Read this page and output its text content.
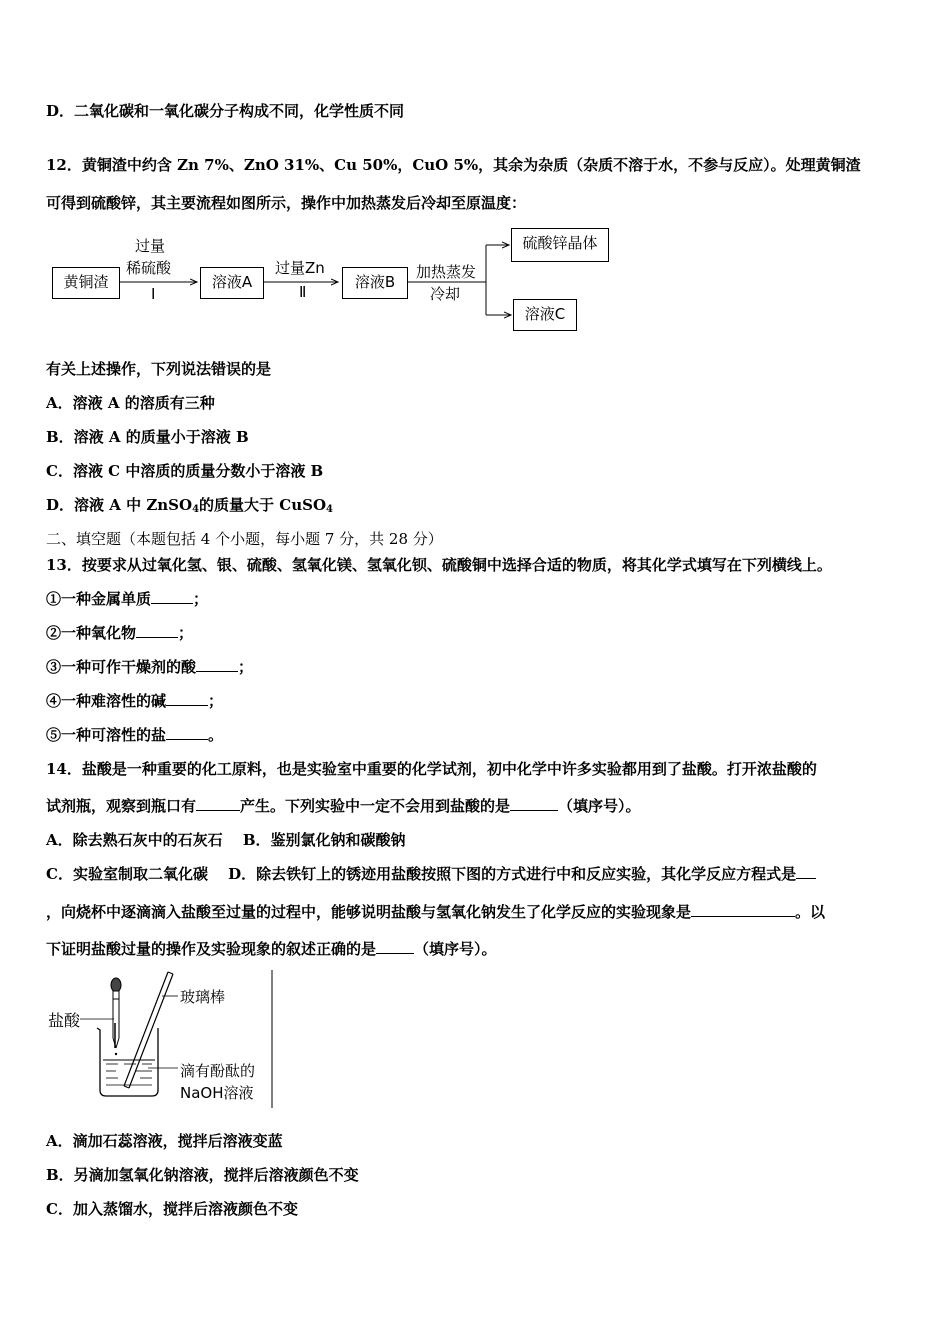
D．二氧化碳和一氧化碳分子构成不同，化学性质不同
12．黄铜渣中约含 Zn 7%、ZnO 31%、Cu 50%，CuO 5%，其余为杂质（杂质不溶于水，不参与反应）。处理黄铜渣
可得到硫酸锌，其主要流程如图所示，操作中加热蒸发后冷却至原温度：
黄铜渣
过量
稀硫酸
Ⅰ
溶液A
过量Zn
Ⅱ
溶液B
加热蒸发
冷却
硫酸锌晶体
溶液C
有关上述操作，下列说法错误的是
A．溶液 A 的溶质有三种
B．溶液 A 的质量小于溶液 B
C．溶液 C 中溶质的质量分数小于溶液 B
D．溶液 A 中 ZnSO$_4$的质量大于 CuSO$_4$
二、填空题（本题包括 4 个小题，每小题 7 分，共 28 分）
13．按要求从过氧化氢、银、硫酸、氢氧化镁、氢氧化钡、硫酸铜中选择合适的物质，将其化学式填写在下列横线上。
①一种金属单质	；
②一种氧化物	；
③一种可作干燥剂的酸	；
④一种难溶性的碱	；
⑤一种可溶性的盐	。
14．盐酸是一种重要的化工原料，也是实验室中重要的化学试剂，初中化学中许多实验都用到了盐酸。打开浓盐酸的
试剂瓶，观察到瓶口有	产生。下列实验中一定不会用到盐酸的是	（填序号）。
A．除去熟石灰中的石灰石　 B．鉴别氯化钠和碳酸钠
C．实验室制取二氧化碳　 D．除去铁钉上的锈迹用盐酸按照下图的方式进行中和反应实验，其化学反应方程式是
，向烧杯中逐滴滴入盐酸至过量的过程中，能够说明盐酸与氢氧化钠发生了化学反应的实验现象是	。以
下证明盐酸过量的操作及实验现象的叙述正确的是	（填序号）。
盐酸
玻璃棒
滴有酚酞的
NaOH溶液
A．滴加石蕊溶液，搅拌后溶液变蓝
B．另滴加氢氧化钠溶液，搅拌后溶液颜色不变
C．加入蒸馏水，搅拌后溶液颜色不变
